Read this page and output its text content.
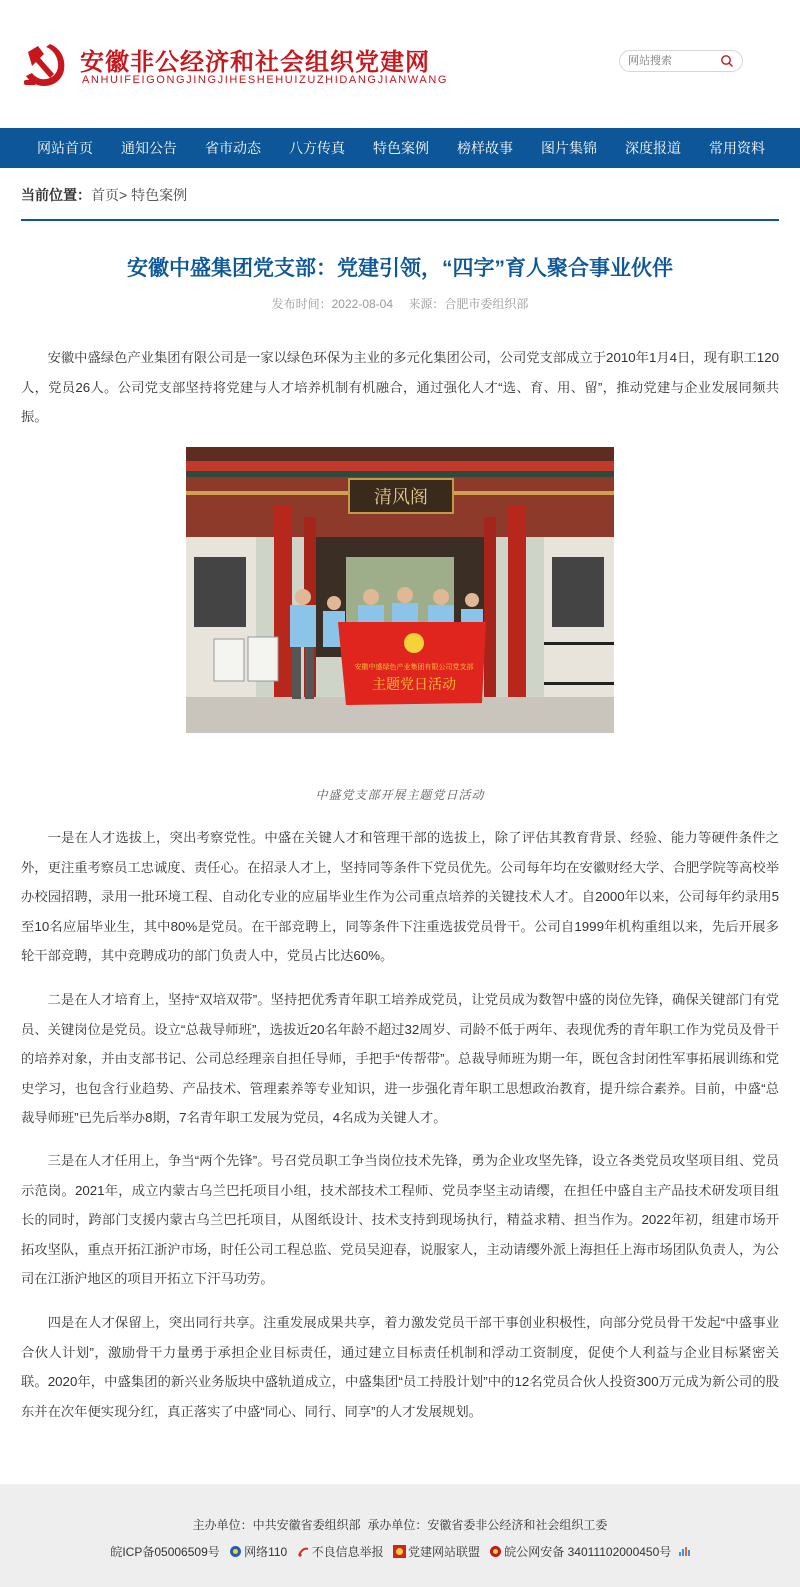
安徽非公经济和社会组织党建网
ANHUIFEIGONGJINGJIHESHEHUIZUZHIDANGJIANWANG
网站搜索
网站首页 通知公告 省市动态 八方传真 特色案例 榜样故事 图片集锦 深度报道 常用资料
当前位置：首页> 特色案例
安徽中盛集团党支部：党建引领，“四字”育人聚合事业伙伴
发布时间：2022-08-04 来源：合肥市委组织部

安徽中盛绿色产业集团有限公司是一家以绿色环保为主业的多元化集团公司，公司党支部成立于2010年1月4日，现有职工120人，党员26人。公司党支部坚持将党建与人才培养机制有机融合，通过强化人才“选、育、用、留”，推动党建与企业发展同频共振。

清风阁
安徽中盛绿色产业集团有限公司党支部
主题党日活动
中盛党支部开展主题党日活动

一是在人才选拔上，突出考察党性。中盛在关键人才和管理干部的选拔上，除了评估其教育背景、经验、能力等硬件条件之外，更注重考察员工忠诚度、责任心。在招录人才上，坚持同等条件下党员优先。公司每年均在安徽财经大学、合肥学院等高校举办校园招聘，录用一批环境工程、自动化专业的应届毕业生作为公司重点培养的关键技术人才。自2000年以来，公司每年约录用5至10名应届毕业生，其中80%是党员。在干部竞聘上，同等条件下注重选拔党员骨干。公司自1999年机构重组以来，先后开展多轮干部竞聘，其中竞聘成功的部门负责人中，党员占比达60%。

二是在人才培育上，坚持“双培双带”。坚持把优秀青年职工培养成党员，让党员成为数智中盛的岗位先锋，确保关键部门有党员、关键岗位是党员。设立“总裁导师班”，选拔近20名年龄不超过32周岁、司龄不低于两年、表现优秀的青年职工作为党员及骨干的培养对象，并由支部书记、公司总经理亲自担任导师，手把手“传帮带”。总裁导师班为期一年，既包含封闭性军事拓展训练和党史学习，也包含行业趋势、产品技术、管理素养等专业知识，进一步强化青年职工思想政治教育，提升综合素养。目前，中盛“总裁导师班”已先后举办8期，7名青年职工发展为党员，4名成为关键人才。

三是在人才任用上，争当“两个先锋”。号召党员职工争当岗位技术先锋，勇为企业攻坚先锋，设立各类党员攻坚项目组、党员示范岗。2021年，成立内蒙古乌兰巴托项目小组，技术部技术工程师、党员李坚主动请缨，在担任中盛自主产品技术研发项目组长的同时，跨部门支援内蒙古乌兰巴托项目，从图纸设计、技术支持到现场执行，精益求精、担当作为。2022年初，组建市场开拓攻坚队，重点开拓江浙沪市场，时任公司工程总监、党员吴迎春，说服家人，主动请缨外派上海担任上海市场团队负责人，为公司在江浙沪地区的项目开拓立下汗马功劳。

四是在人才保留上，突出同行共享。注重发展成果共享，着力激发党员干部干事创业积极性，向部分党员骨干发起“中盛事业合伙人计划”，激励骨干力量勇于承担企业目标责任，通过建立目标责任机制和浮动工资制度，促使个人利益与企业目标紧密关联。2020年，中盛集团的新兴业务版块中盛轨道成立，中盛集团“员工持股计划”中的12名党员合伙人投资300万元成为新公司的股东并在次年便实现分红，真正落实了中盛“同心、同行、同享”的人才发展规划。

主办单位：中共安徽省委组织部 承办单位：安徽省委非公经济和社会组织工委
皖ICP备05006509号 网络110 不良信息举报 党建网站联盟 皖公网安备 34011102000450号
